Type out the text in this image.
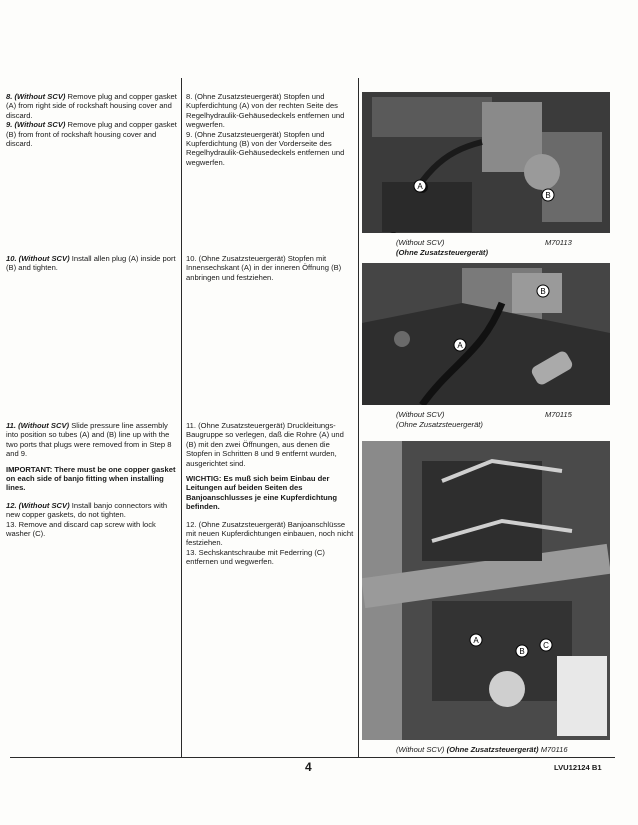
8. (Without SCV) Remove plug and copper gasket (A) from right side of rockshaft housing cover and discard.

9. (Without SCV) Remove plug and copper gasket (B) from front of rockshaft housing cover and discard.

8. (Ohne Zusatzsteuergerät) Stopfen und Kupferdichtung (A) von der rechten Seite des Regelhydraulik-Gehäusedeckels entfernen und wegwerfen.

9. (Ohne Zusatzsteuergerät) Stopfen und Kupferdichtung (B) von der Vorderseite des Regelhydraulik-Gehäusedeckels entfernen und wegwerfen.

10. (Without SCV) Install allen plug (A) inside port (B) and tighten.

10. (Ohne Zusatzsteuergerät) Stopfen mit Innensechskant (A) in der inneren Öffnung (B) anbringen und festziehen.

11. (Without SCV) Slide pressure line assembly into position so tubes (A) and (B) line up with the two ports that plugs were removed from in Step 8 and 9.

IMPORTANT: There must be one copper gasket on each side of banjo fitting when installing lines.

12. (Without SCV) Install banjo connectors with new copper gaskets, do not tighten.

13. Remove and discard cap screw with lock washer (C).

11. (Ohne Zusatzsteuergerät) Druckleitungs-Baugruppe so verlegen, daß die Rohre (A) und (B) mit den zwei Öffnungen, aus denen die Stopfen in Schritten 8 und 9 entfernt wurden, ausgerichtet sind.

WICHTIG: Es muß sich beim Einbau der Leitungen auf beiden Seiten des Banjoanschlusses je eine Kupferdichtung befinden.

12. (Ohne Zusatzsteuergerät) Banjoanschlüsse mit neuen Kupferdichtungen einbauen, noch nicht festziehen.

13. Sechskantschraube mit Federring (C) entfernen und wegwerfen.

A
B
(Without SCV)	M70113
(Ohne Zusatzsteuergerät)
A
B
(Without SCV)	M70115
(Ohne Zusatzsteuergerät)
A
B
C
(Without SCV) (Ohne Zusatzsteuergerät) M70116
4	LVU12124 B1
